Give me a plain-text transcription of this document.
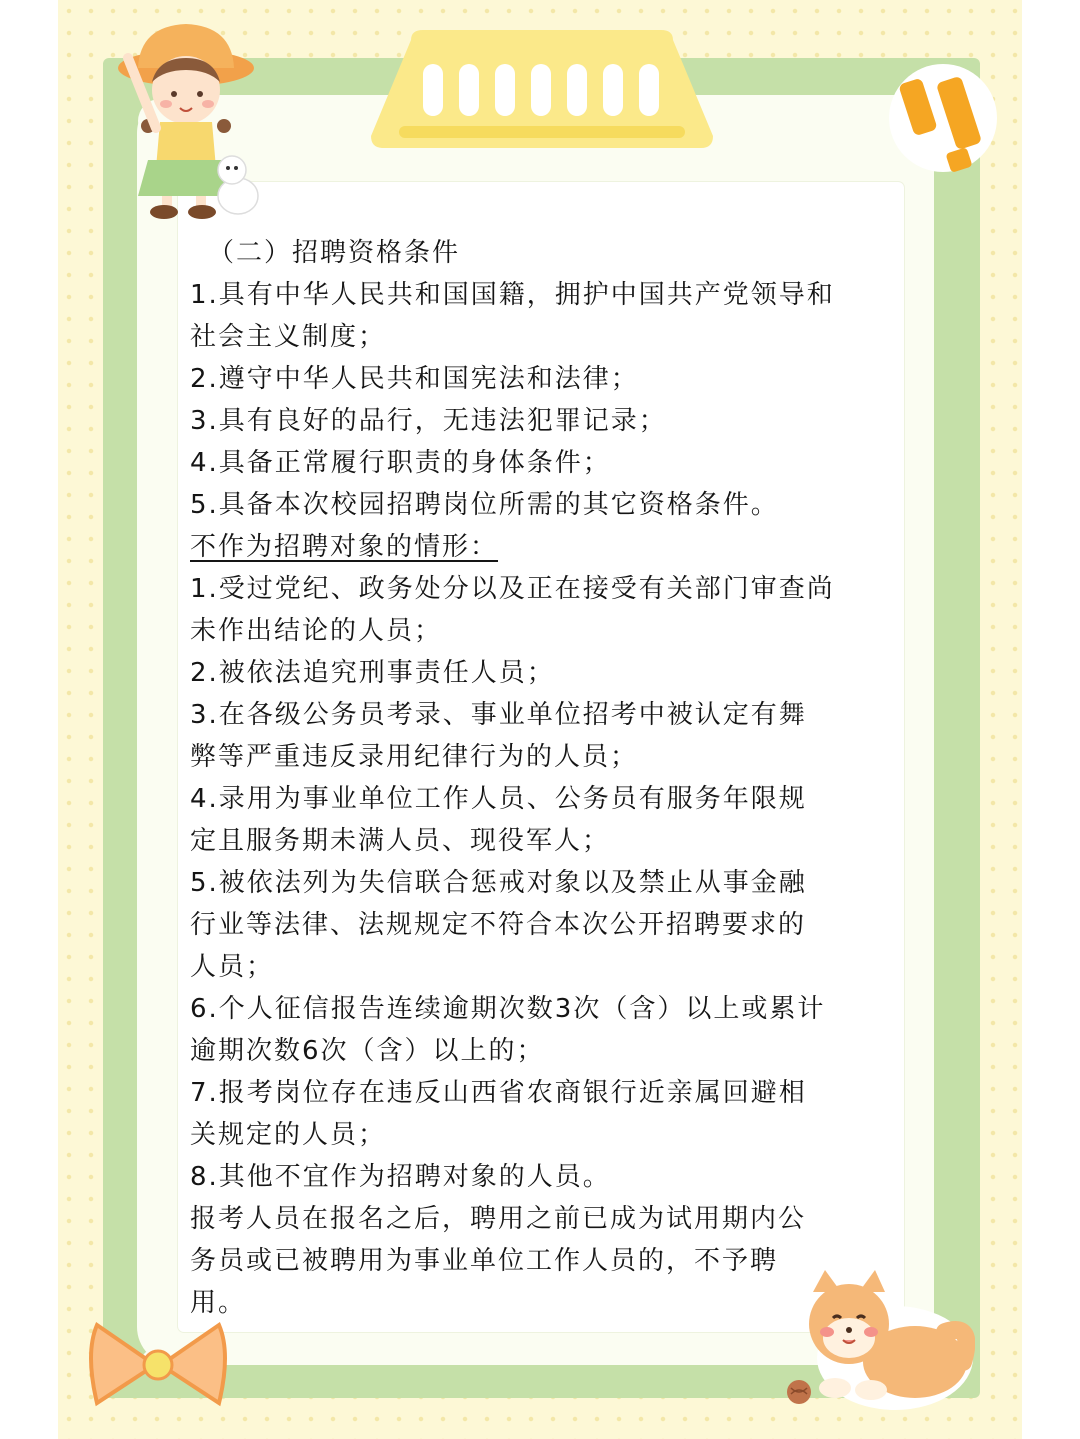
（二）招聘资格条件
1.具有中华人民共和国国籍，拥护中国共产党领导和
社会主义制度；
2.遵守中华人民共和国宪法和法律；
3.具有良好的品行，无违法犯罪记录；
4.具备正常履行职责的身体条件；
5.具备本次校园招聘岗位所需的其它资格条件。
不作为招聘对象的情形：
1.受过党纪、政务处分以及正在接受有关部门审查尚
未作出结论的人员；
2.被依法追究刑事责任人员；
3.在各级公务员考录、事业单位招考中被认定有舞
弊等严重违反录用纪律行为的人员；
4.录用为事业单位工作人员、公务员有服务年限规
定且服务期未满人员、现役军人；
5.被依法列为失信联合惩戒对象以及禁止从事金融
行业等法律、法规规定不符合本次公开招聘要求的
人员；
6.个人征信报告连续逾期次数3次（含）以上或累计
逾期次数6次（含）以上的；
7.报考岗位存在违反山西省农商银行近亲属回避相
关规定的人员；
8.其他不宜作为招聘对象的人员。
报考人员在报名之后，聘用之前已成为试用期内公
务员或已被聘用为事业单位工作人员的，不予聘
用。
